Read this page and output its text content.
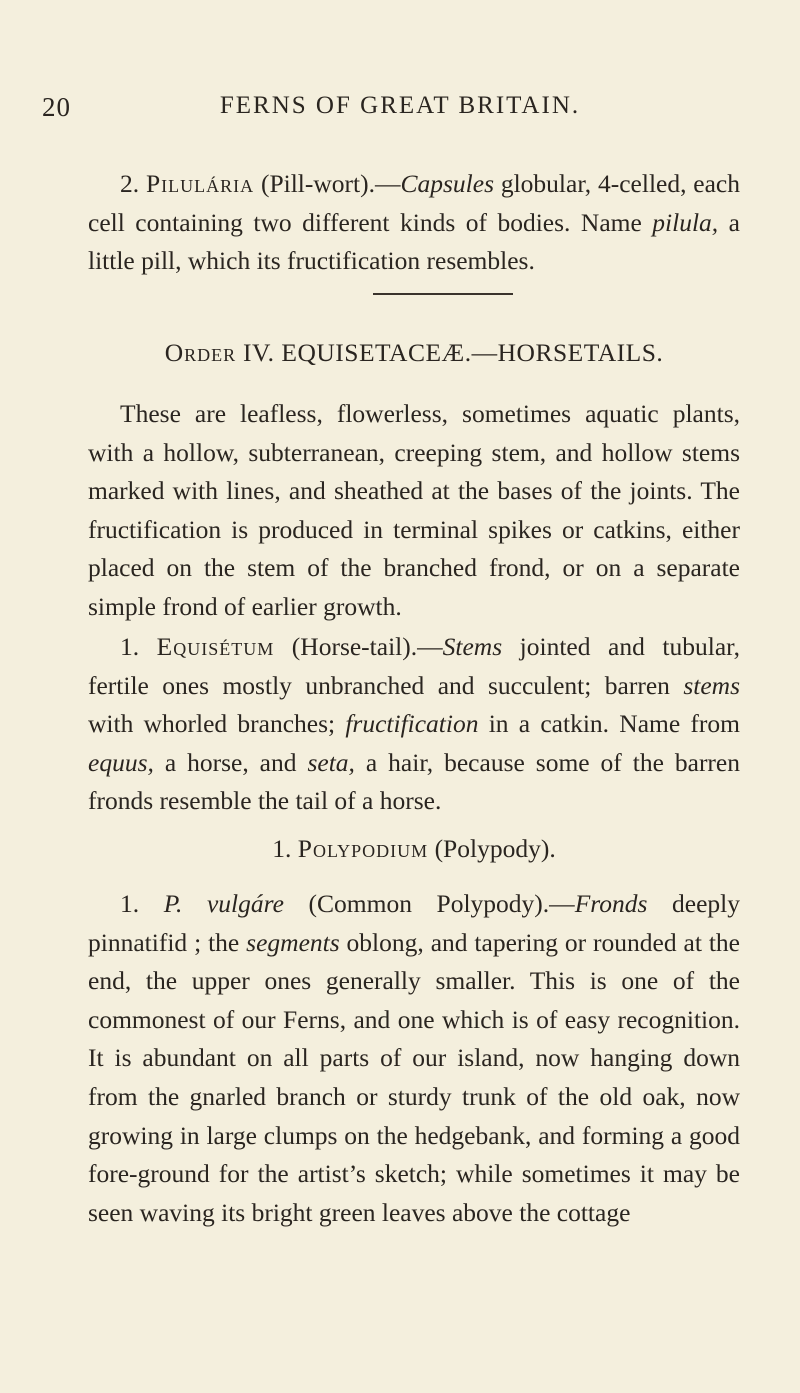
20	FERNS OF GREAT BRITAIN.

2. Pilulária (Pill-wort).—Capsules globular, 4-celled, each cell containing two different kinds of bodies. Name pilula, a little pill, which its fructification resembles.

Order IV. EQUISETACEÆ.—HORSETAILS.

These are leafless, flowerless, sometimes aquatic plants, with a hollow, subterranean, creeping stem, and hollow stems marked with lines, and sheathed at the bases of the joints. The fructification is produced in terminal spikes or catkins, either placed on the stem of the branched frond, or on a separate simple frond of earlier growth.

1. Equisétum (Horse-tail).—Stems jointed and tubular, fertile ones mostly unbranched and succulent; barren stems with whorled branches; fructification in a catkin. Name from equus, a horse, and seta, a hair, because some of the barren fronds resemble the tail of a horse.

1. Polypodium (Polypody).

1. P. vulgáre (Common Polypody).—Fronds deeply pinnatifid ; the segments oblong, and tapering or rounded at the end, the upper ones generally smaller. This is one of the commonest of our Ferns, and one which is of easy recognition. It is abundant on all parts of our island, now hanging down from the gnarled branch or sturdy trunk of the old oak, now growing in large clumps on the hedgebank, and forming a good fore-ground for the artist’s sketch; while sometimes it may be seen waving its bright green leaves above the cottage
